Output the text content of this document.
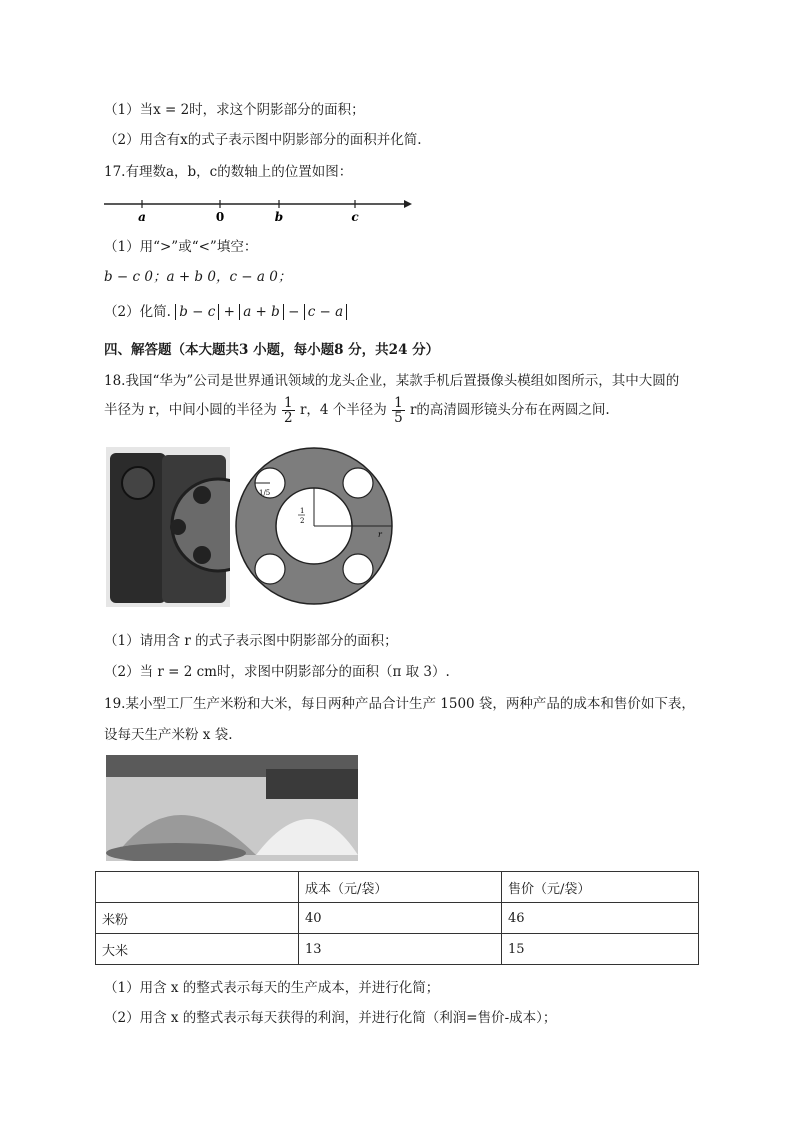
（1）当x = 2时，求这个阴影部分的面积；
（2）用含有x的式子表示图中阴影部分的面积并化简.
17.有理数a，b，c的数轴上的位置如图：
a	0	b	c
（1）用“>”或“<”填空：
b − c 0；a + b 0，c − a 0；
（2）化简. b − c + a + b − c − a
四、解答题（本大题共3 小题，每小题8 分，共24 分）
18.我国“华为”公司是世界通讯领域的龙头企业，某款手机后置摄像头模组如图所示，其中大圆的
半径为 r，中间小圆的半径为 $\frac{1}{2}$ r，4 个半径为 $\frac{1}{5}$ r的高清圆形镜头分布在两圆之间.
1/5
1
2
r
（1）请用含 r 的式子表示图中阴影部分的面积；
（2）当 r = 2 cm时，求图中阴影部分的面积（π 取 3）.
19.某小型工厂生产米粉和大米，每日两种产品合计生产 1500 袋，两种产品的成本和售价如下表，
设每天生产米粉 x 袋.
	成本（元/袋）	售价（元/袋）
米粉	40	46
大米	13	15
（1）用含 x 的整式表示每天的生产成本，并进行化简；
（2）用含 x 的整式表示每天获得的利润，并进行化简（利润=售价-成本）；
